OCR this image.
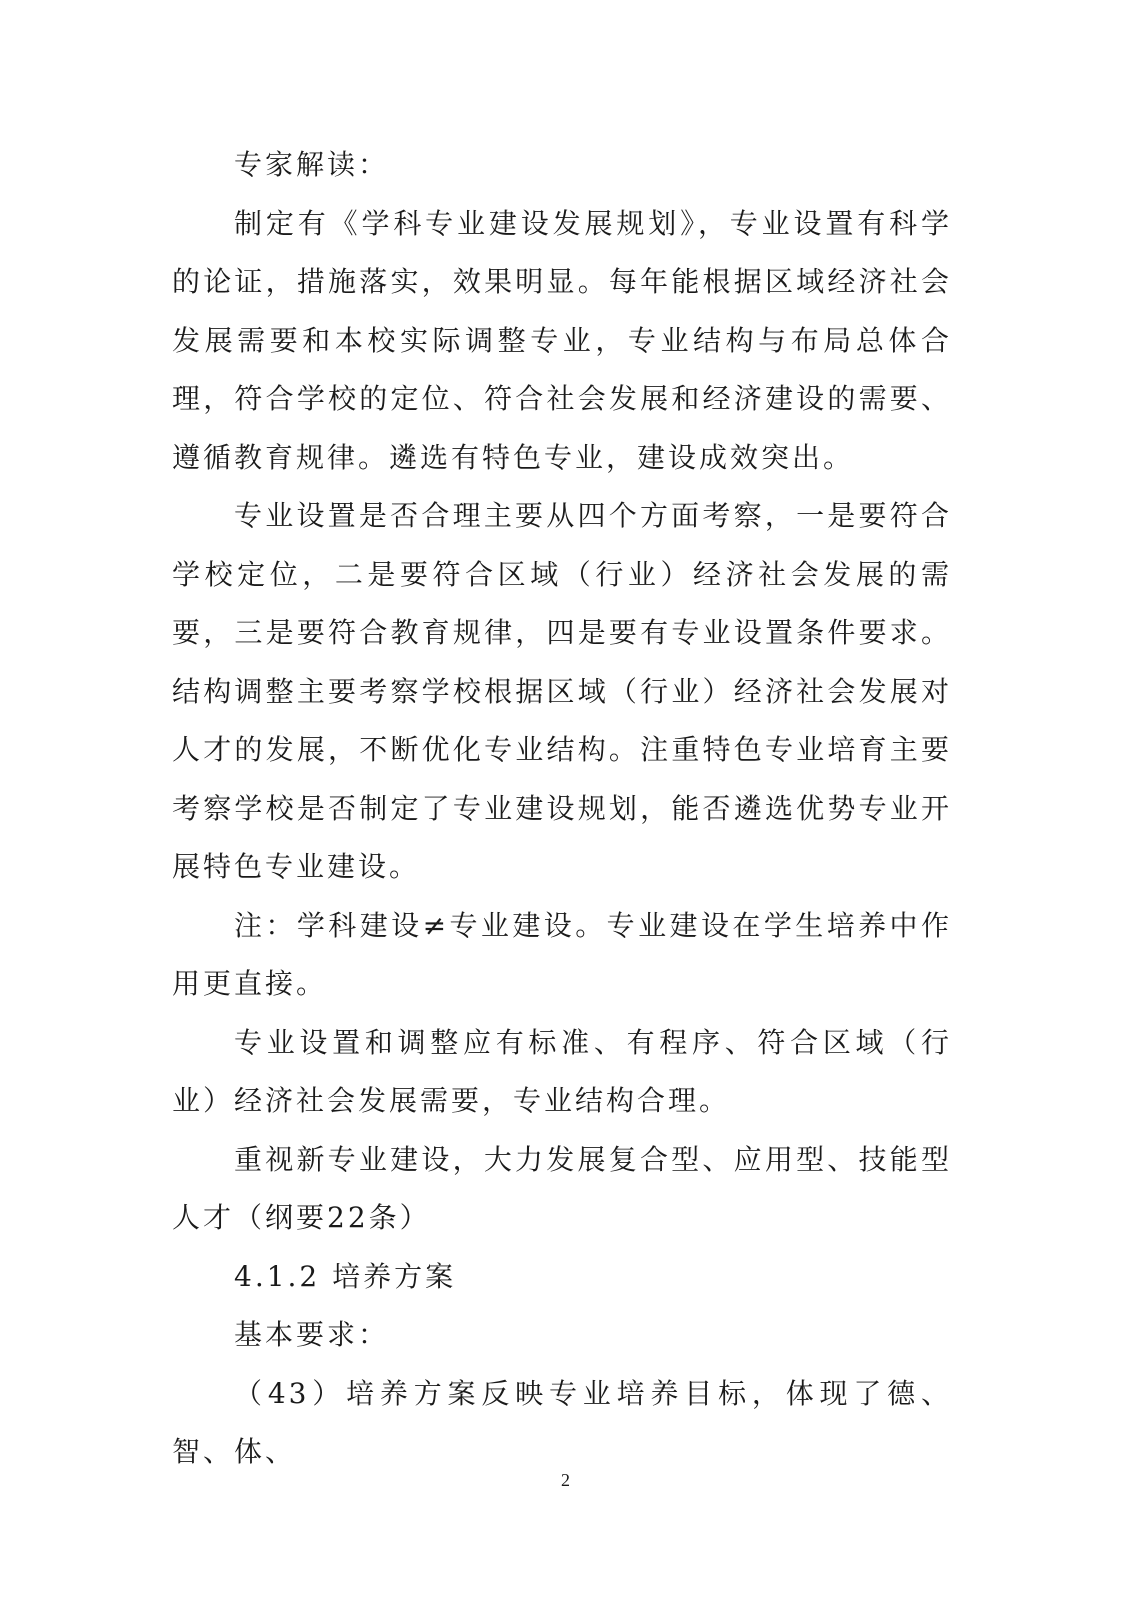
专家解读：

制定有《学科专业建设发展规划》，专业设置有科学的论证，措施落实，效果明显。每年能根据区域经济社会发展需要和本校实际调整专业，专业结构与布局总体合理，符合学校的定位、符合社会发展和经济建设的需要、遵循教育规律。遴选有特色专业，建设成效突出。

专业设置是否合理主要从四个方面考察，一是要符合学校定位，二是要符合区域（行业）经济社会发展的需要，三是要符合教育规律，四是要有专业设置条件要求。结构调整主要考察学校根据区域（行业）经济社会发展对人才的发展，不断优化专业结构。注重特色专业培育主要考察学校是否制定了专业建设规划，能否遴选优势专业开展特色专业建设。

注：学科建设≠专业建设。专业建设在学生培养中作用更直接。

专业设置和调整应有标准、有程序、符合区域（行业）经济社会发展需要，专业结构合理。

重视新专业建设，大力发展复合型、应用型、技能型人才（纲要22条）

4.1.2 培养方案

基本要求：

（43）培养方案反映专业培养目标，体现了德、智、体、

2
